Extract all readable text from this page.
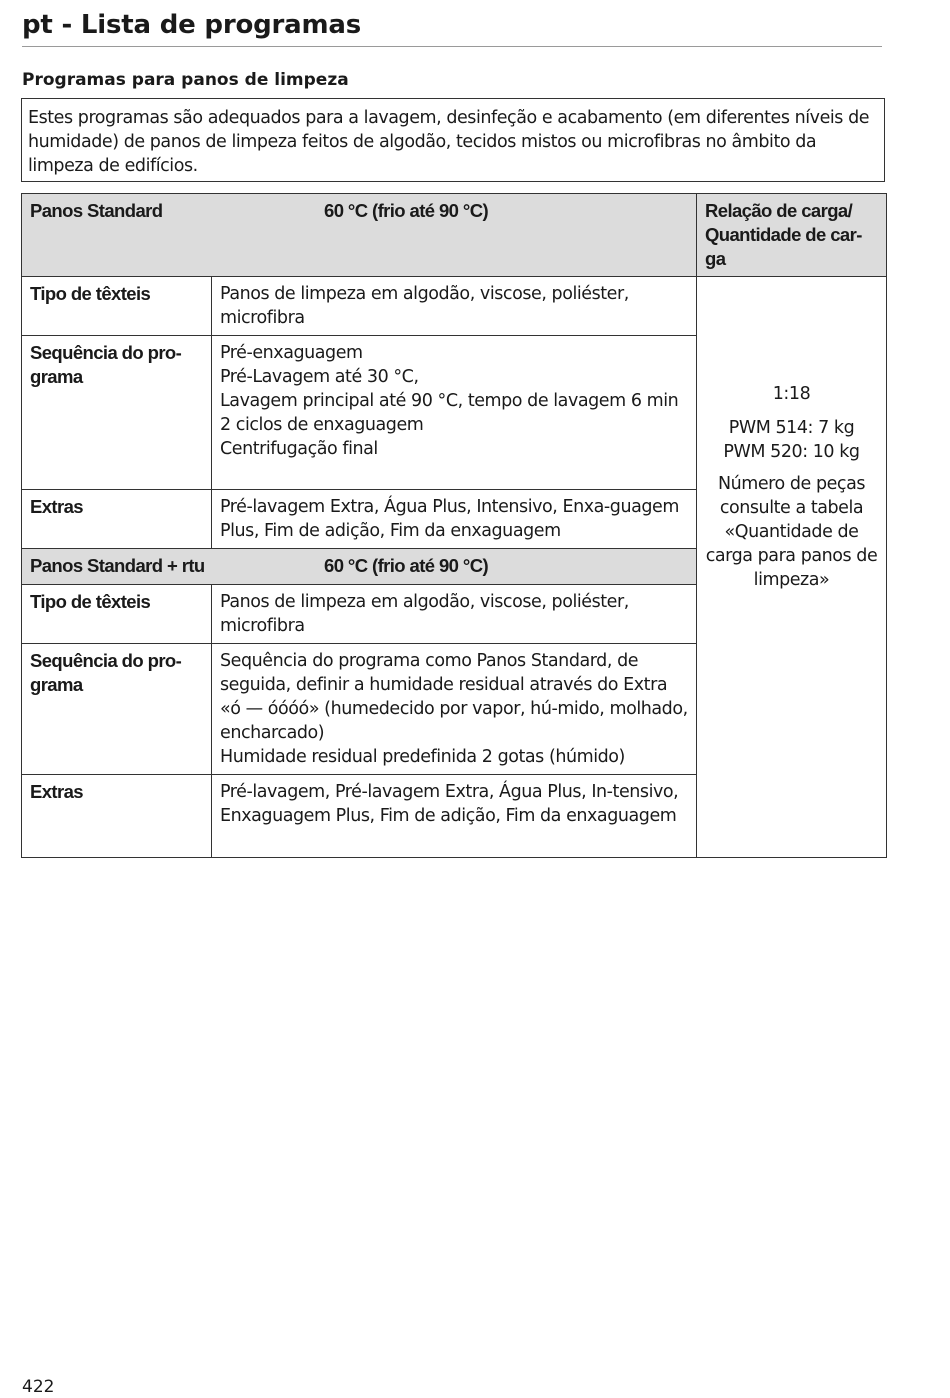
pt - Lista de programas
Programas para panos de limpeza
Estes programas são adequados para a lavagem, desinfeção e acabamento (em diferentes níveis de humidade) de panos de limpeza feitos de algodão, tecidos mistos ou microfibras no âmbito da limpeza de edifícios.
Panos Standard 60 °C (frio até 90 °C)		Relação de carga/ Quantidade de car-ga
Tipo de têxteis	Panos de limpeza em algodão, viscose, poliéster, microfibra	1:18
PWM 514: 7 kg
PWM 520: 10 kg
Número de peças consulte a tabela «Quantidade de carga para panos de limpeza»

Sequência do pro-grama	Pré-enxaguagem
Pré-Lavagem até 30 °C,
Lavagem principal até 90 °C, tempo de lavagem 6 min
2 ciclos de enxaguagem
Centrifugação final	

Extras	Pré-lavagem Extra, Água Plus, Intensivo, Enxa-guagem Plus, Fim de adição, Fim da enxaguagem	

Panos Standard + rtu 60 °C (frio até 90 °C)		

Tipo de têxteis	Panos de limpeza em algodão, viscose, poliéster, microfibra	

Sequência do pro-grama	Sequência do programa como Panos Standard, de seguida, definir a humidade residual através do Extra «ó — óóóó» (humedecido por vapor, hú-mido, molhado, encharcado)
Humidade residual predefinida 2 gotas (húmido)	

Extras	Pré-lavagem, Pré-lavagem Extra, Água Plus, In-tensivo, Enxaguagem Plus, Fim de adição, Fim da enxaguagem	
422
